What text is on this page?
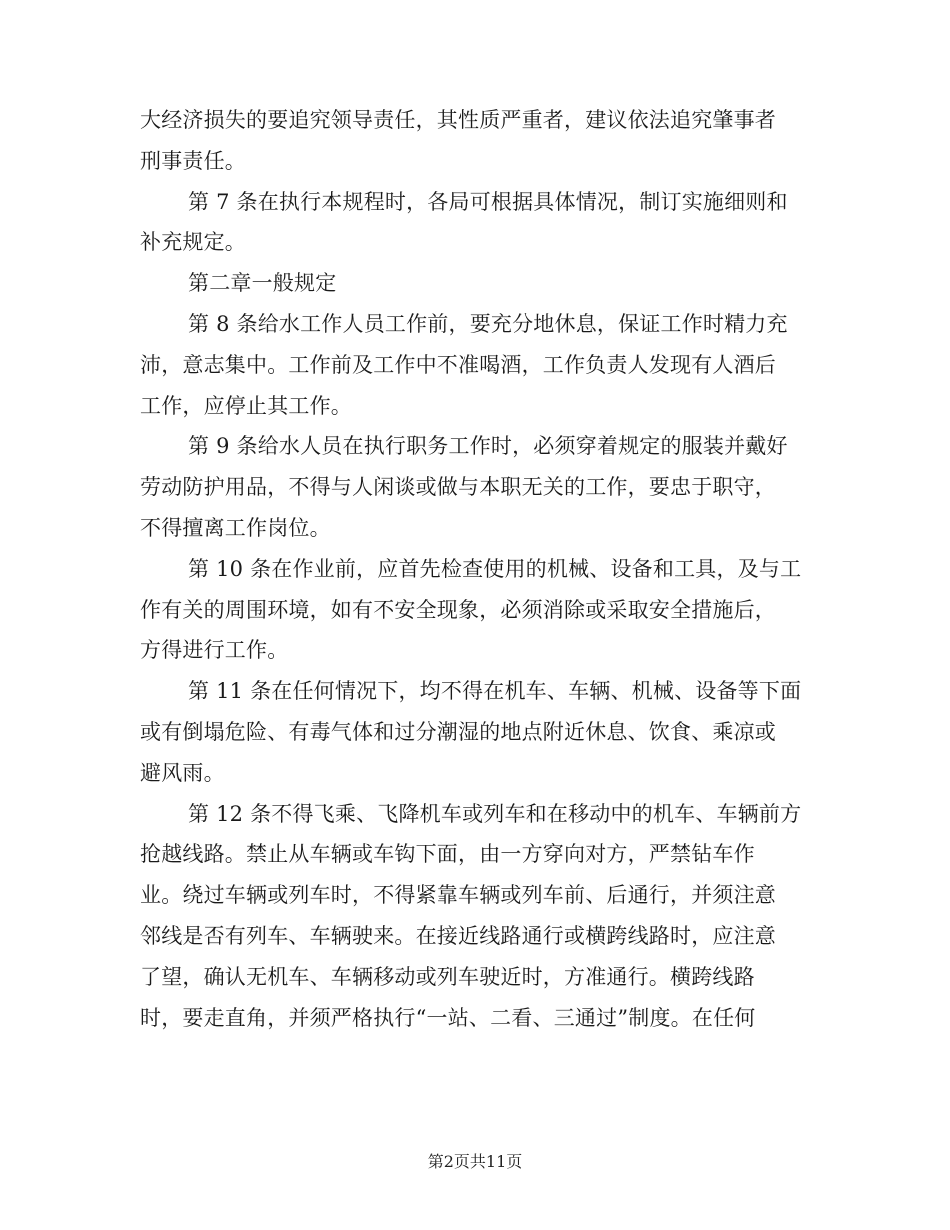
大经济损失的要追究领导责任，其性质严重者，建议依法追究肇事者
刑事责任。
第 7 条在执行本规程时，各局可根据具体情况，制订实施细则和
补充规定。
第二章一般规定
第 8 条给水工作人员工作前，要充分地休息，保证工作时精力充
沛，意志集中。工作前及工作中不准喝酒，工作负责人发现有人酒后
工作，应停止其工作。
第 9 条给水人员在执行职务工作时，必须穿着规定的服装并戴好
劳动防护用品，不得与人闲谈或做与本职无关的工作，要忠于职守，
不得擅离工作岗位。
第 10 条在作业前，应首先检查使用的机械、设备和工具，及与工
作有关的周围环境，如有不安全现象，必须消除或采取安全措施后，
方得进行工作。
第 11 条在任何情况下，均不得在机车、车辆、机械、设备等下面
或有倒塌危险、有毒气体和过分潮湿的地点附近休息、饮食、乘凉或
避风雨。
第 12 条不得飞乘、飞降机车或列车和在移动中的机车、车辆前方
抢越线路。禁止从车辆或车钩下面，由一方穿向对方，严禁钻车作
业。绕过车辆或列车时，不得紧靠车辆或列车前、后通行，并须注意
邻线是否有列车、车辆驶来。在接近线路通行或横跨线路时，应注意
了望，确认无机车、车辆移动或列车驶近时，方准通行。横跨线路
时，要走直角，并须严格执行“一站、二看、三通过”制度。在任何
第2页共11页
